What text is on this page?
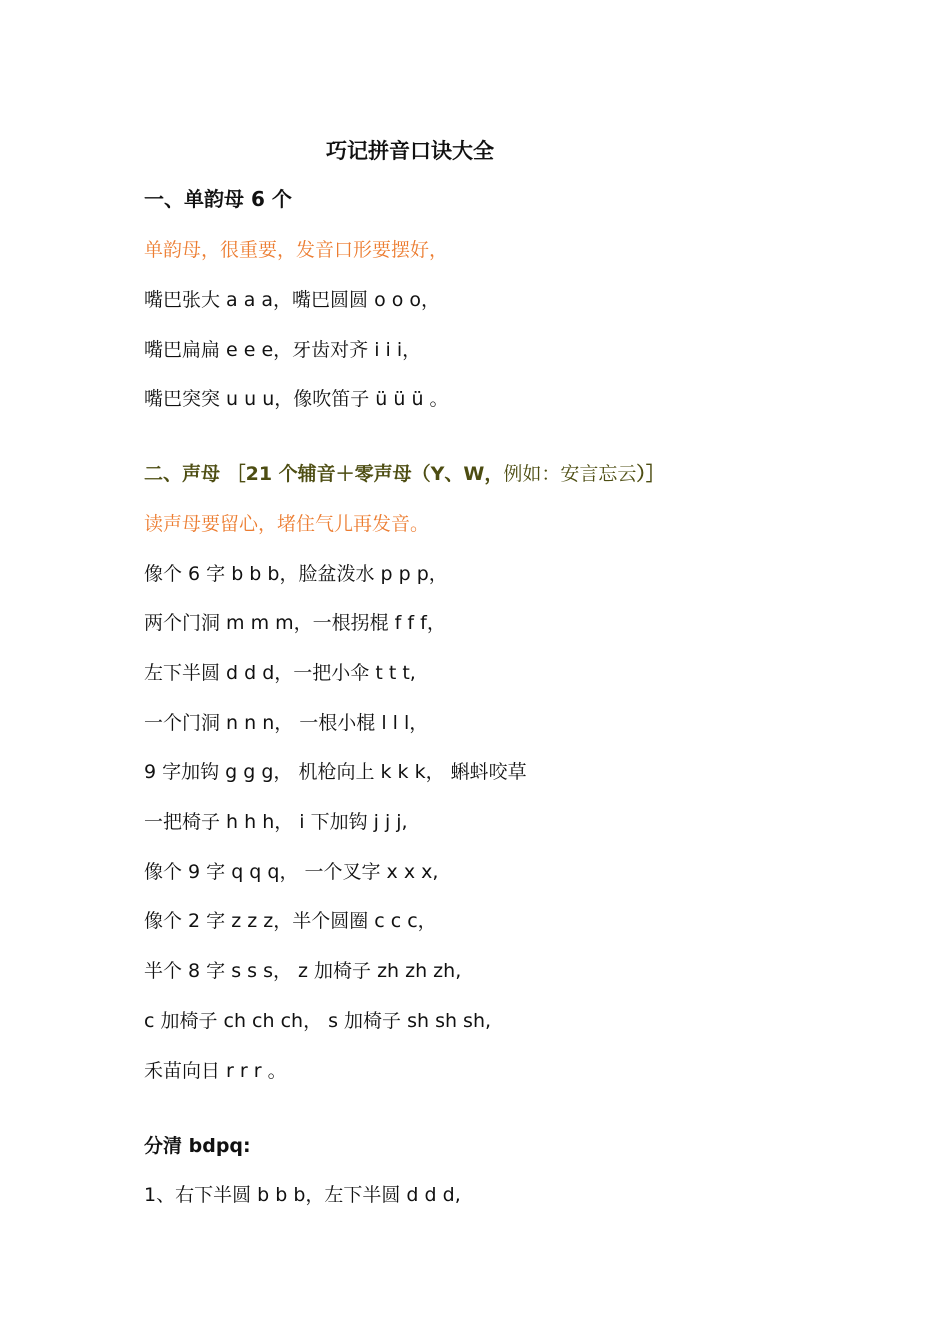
巧记拼音口诀大全

一、单韵母 6 个

单韵母，很重要，发音口形要摆好，

嘴巴张大 a a a，嘴巴圆圆 o o o，

嘴巴扁扁 e e e，牙齿对齐 i i i，

嘴巴突突 u u u，像吹笛子 ü ü ü 。

二、声母 ［21 个辅音＋零声母（Y、W，例如：安言忘云）］

读声母要留心，堵住气儿再发音。

像个 6 字 b b b，脸盆泼水 p p p，

两个门洞 m m m，一根拐棍 f f f，

左下半圆 d d d，一把小伞 t t t,

一个门洞 n n n， 一根小棍 l l l，

9 字加钩 g g g， 机枪向上 k k k， 蝌蚪咬草

一把椅子 h h h， i 下加钩 j j j,

像个 9 字 q q q， 一个叉字 x x x,

像个 2 字 z z z，半个圆圈 c c c，

半个 8 字 s s s， z 加椅子 zh zh zh,

c 加椅子 ch ch ch， s 加椅子 sh sh sh,

禾苗向日 r r r 。

分清 bdpq:

1、右下半圆 b b b，左下半圆 d d d,
